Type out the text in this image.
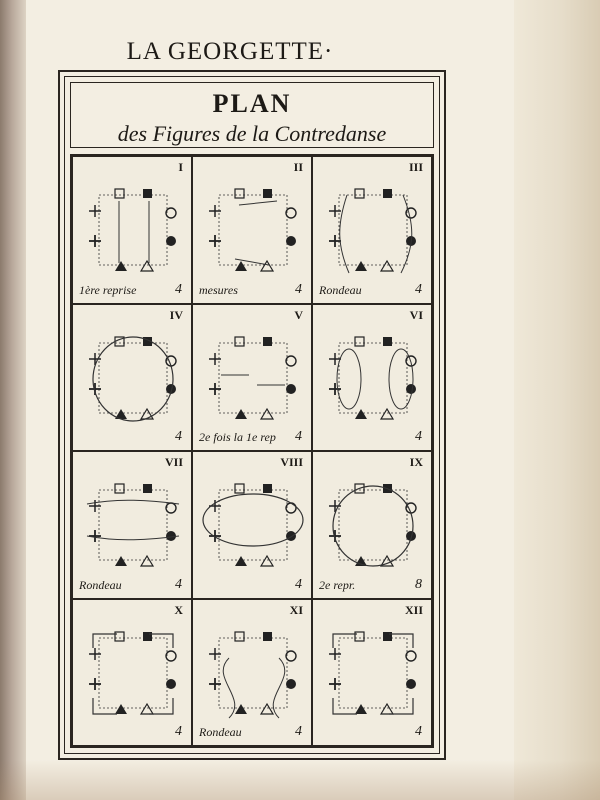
LA GEORGETTE·
PLAN
des Figures de la Contredanse
I
1ère reprise	4
II
mesures	4
III
Rondeau	4
IV
4
V
2e fois la 1e rep 4
VI
4
VII
Rondeau	4
VIII
4
IX
2e repr.	8
X
4
XI
Rondeau	4
XII
4
